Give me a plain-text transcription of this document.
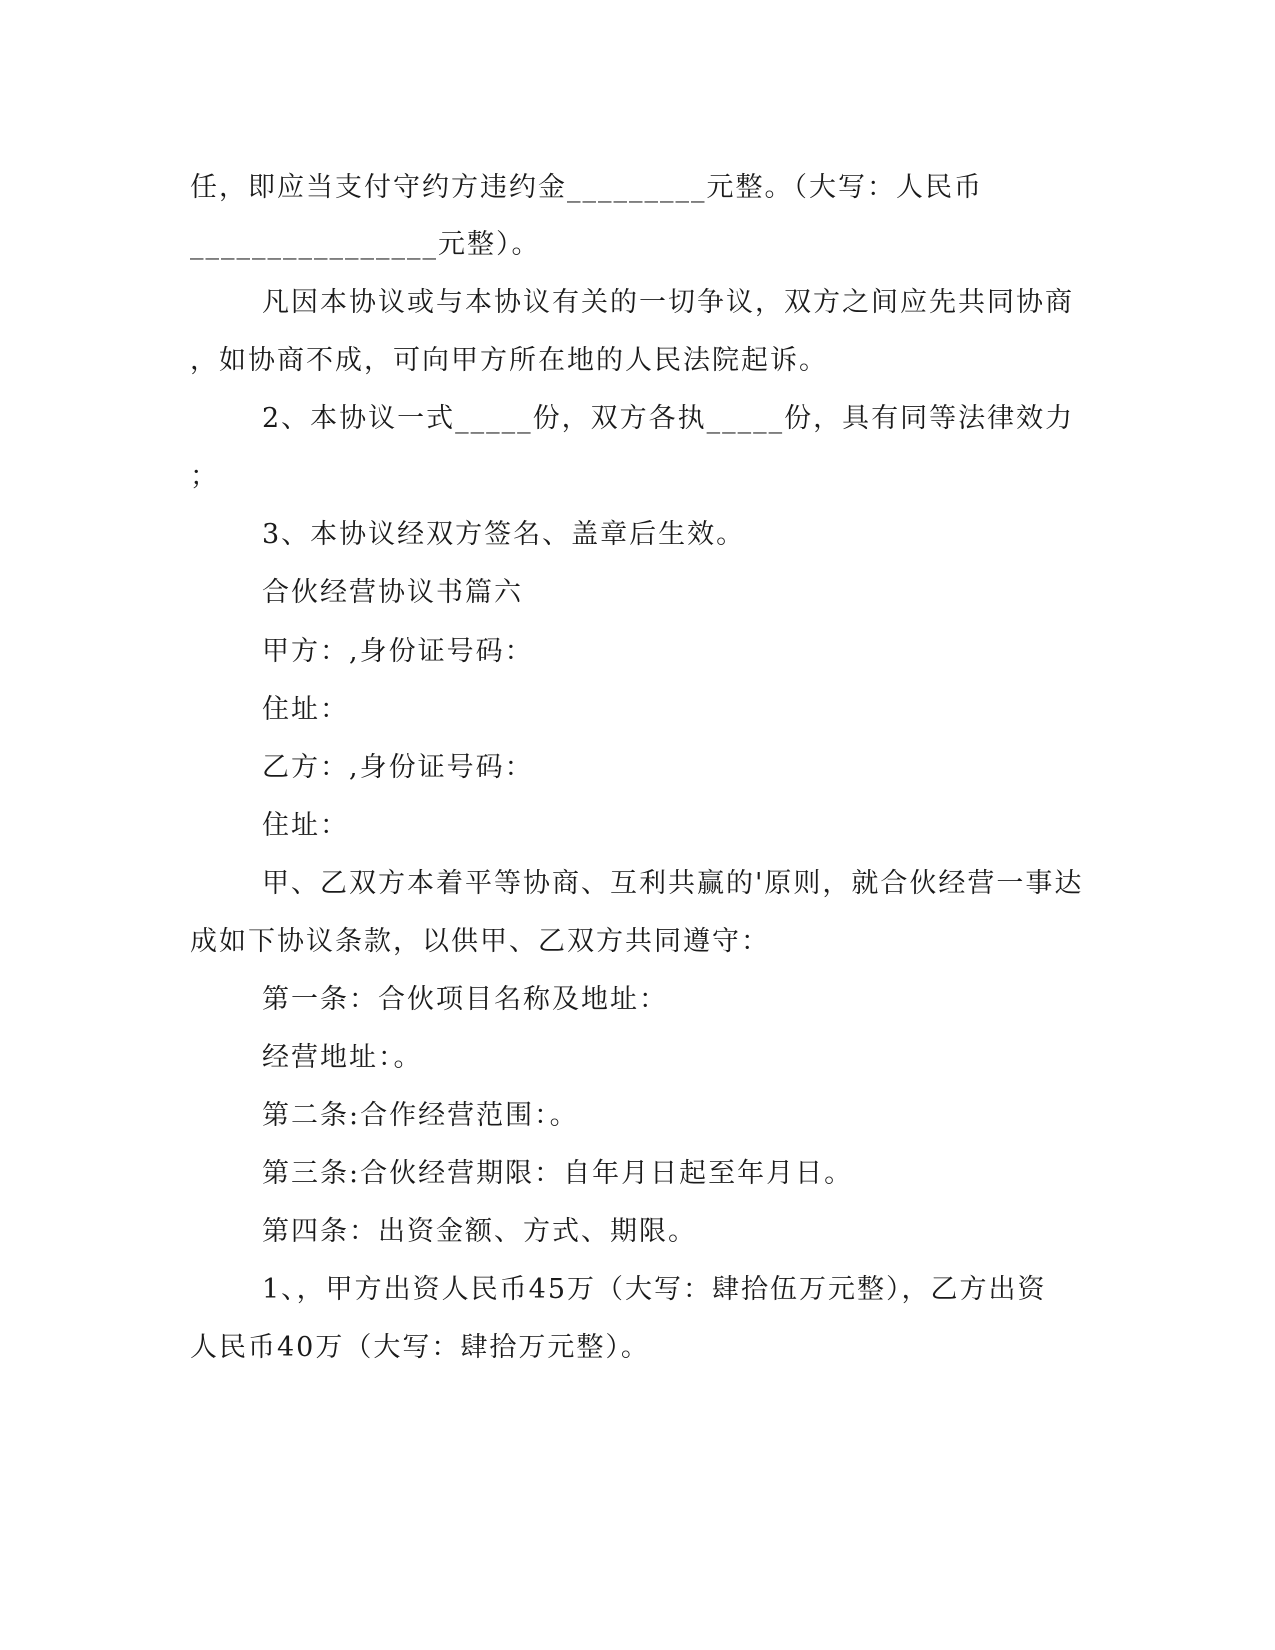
任，即应当支付守约方违约金_________元整。（大写：人民币
________________元整）。
凡因本协议或与本协议有关的一切争议，双方之间应先共同协商
，如协商不成，可向甲方所在地的人民法院起诉。
2、本协议一式_____份，双方各执_____份，具有同等法律效力
；
3、本协议经双方签名、盖章后生效。
合伙经营协议书篇六
甲方：,身份证号码：
住址：
乙方：,身份证号码：
住址：
甲、乙双方本着平等协商、互利共赢的'原则，就合伙经营一事达
成如下协议条款，以供甲、乙双方共同遵守：
第一条：合伙项目名称及地址：
经营地址：。
第二条:合作经营范围：。
第三条:合伙经营期限：自年月日起至年月日。
第四条：出资金额、方式、期限。
1、，甲方出资人民币45万（大写：肆拾伍万元整），乙方出资
人民币40万（大写：肆拾万元整）。
